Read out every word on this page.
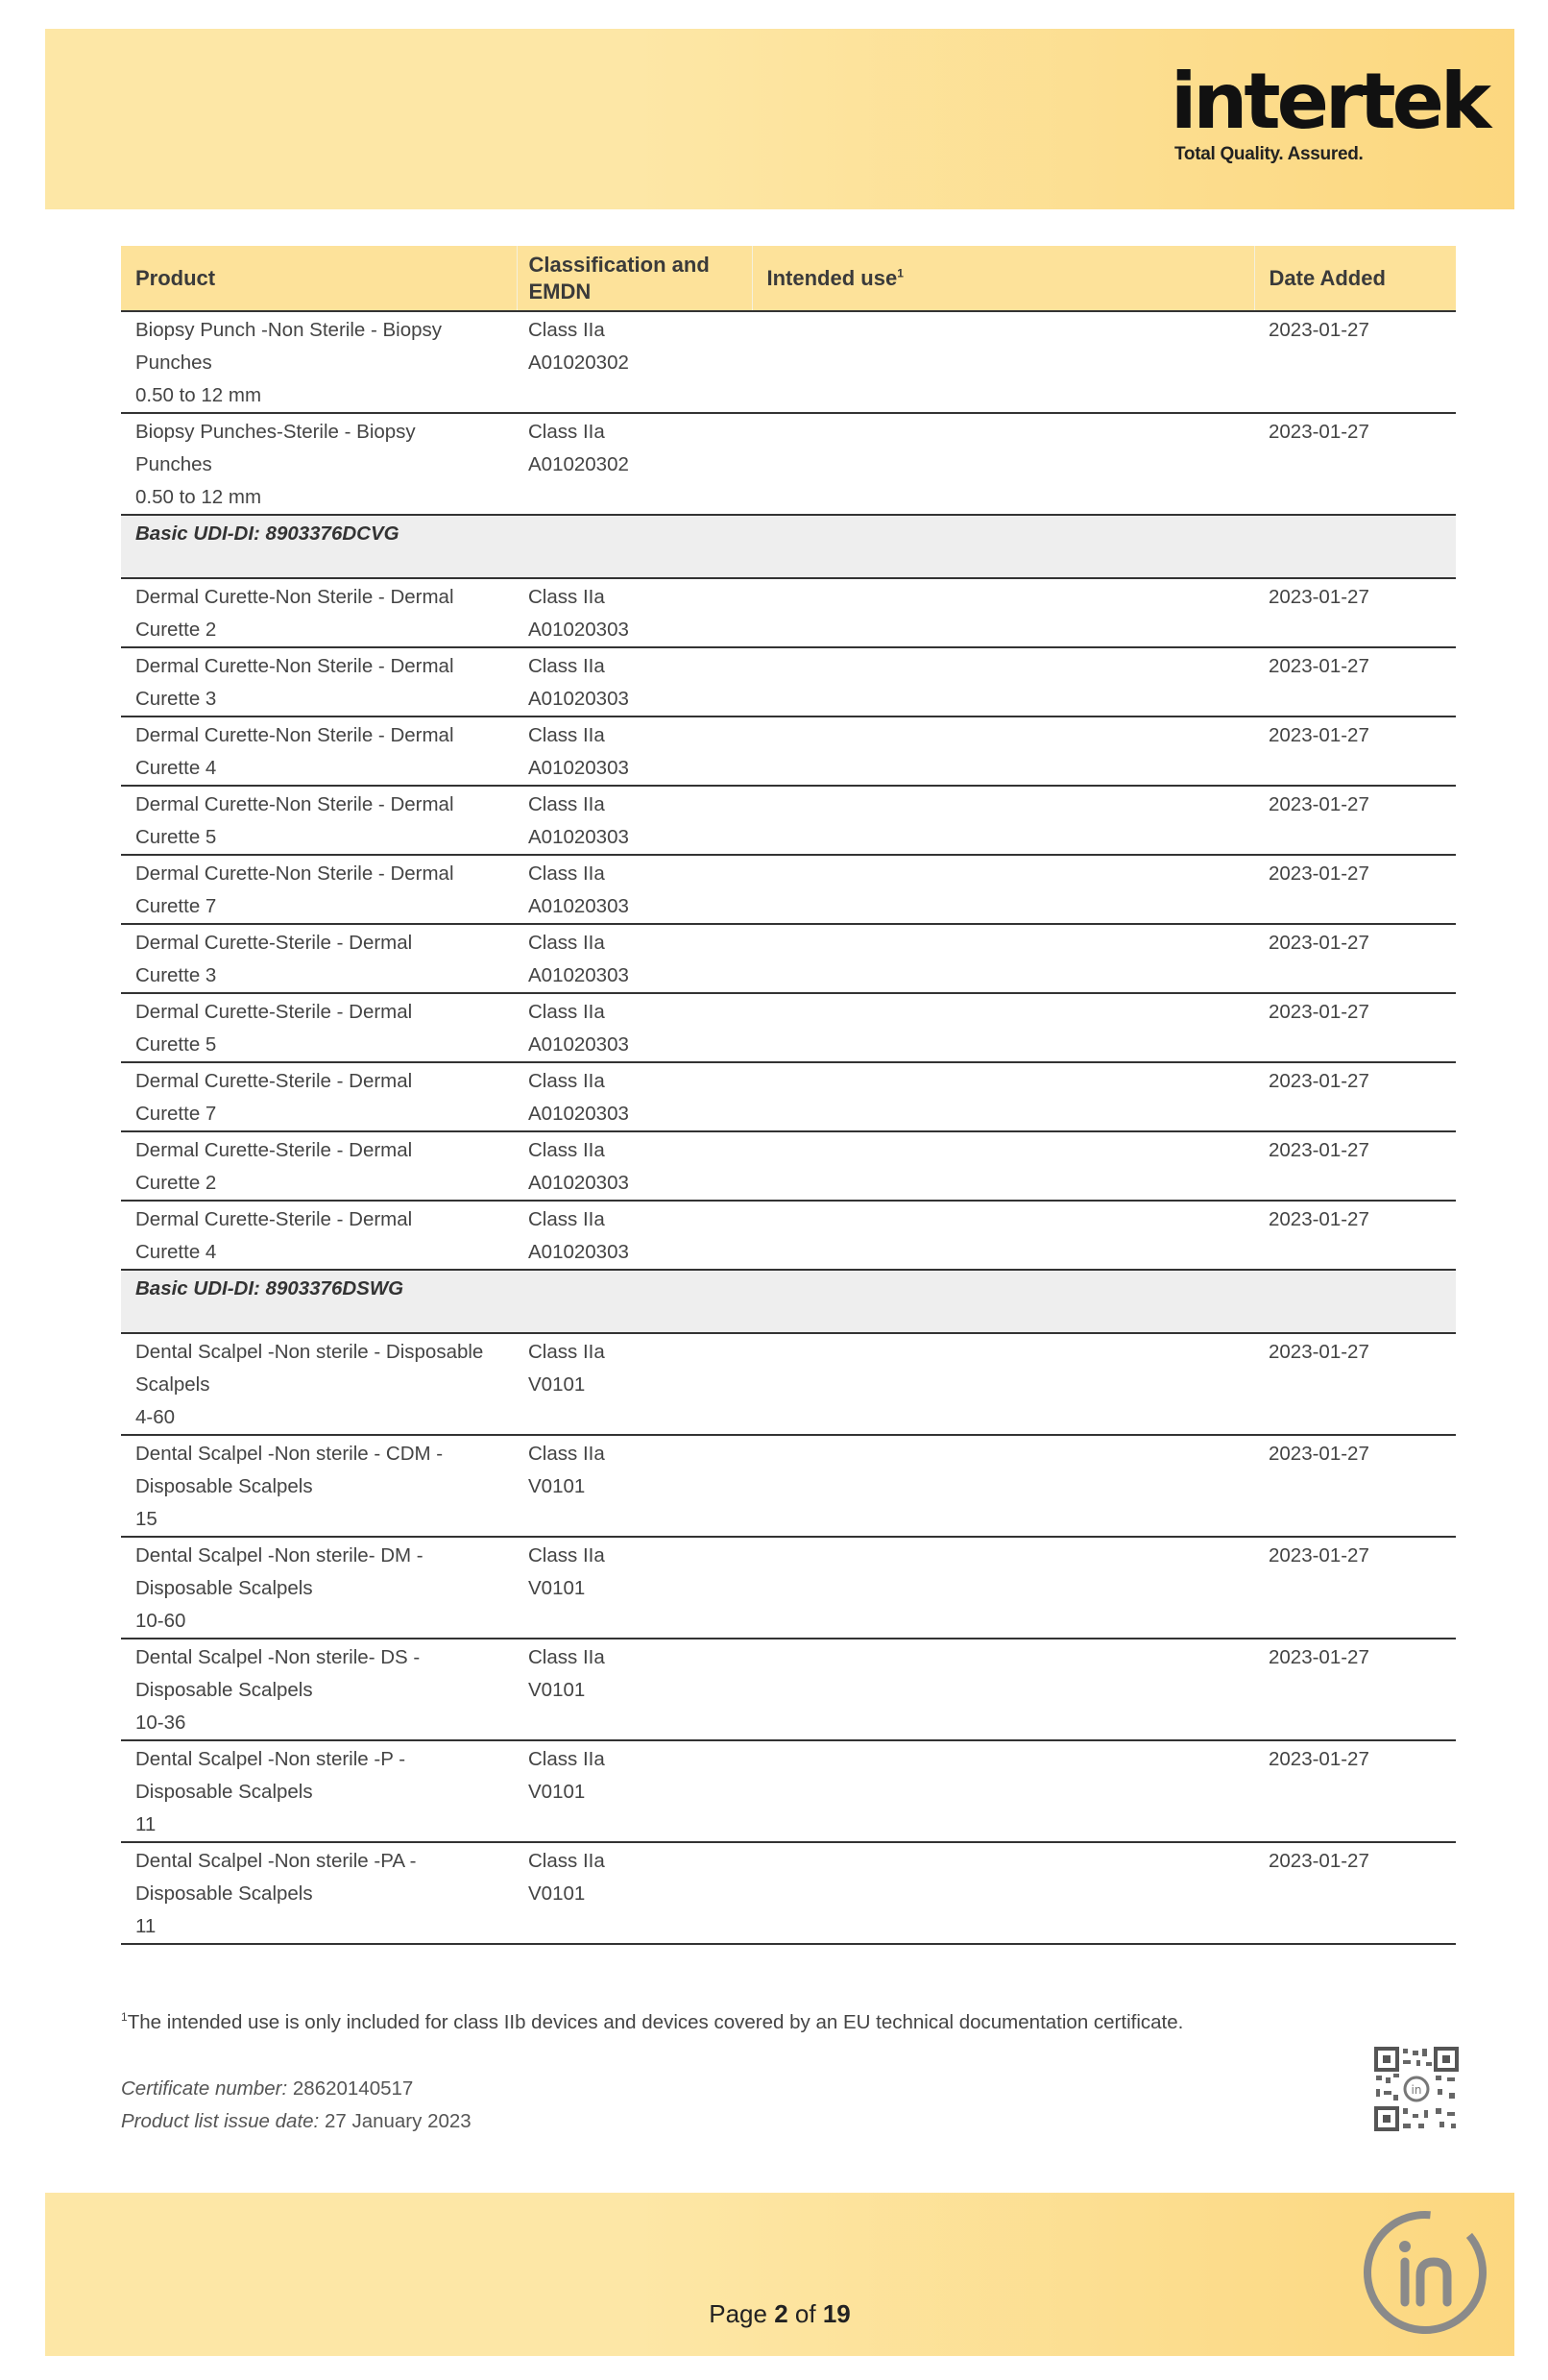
intertek
Total Quality. Assured.
Product	Classification and EMDN	Intended use$^1$	Date Added

Biopsy Punch -Non Sterile - Biopsy
Punches
0.50 to 12 mm	Class IIa
A01020302		2023-01-27

Biopsy Punches-Sterile - Biopsy
Punches
0.50 to 12 mm	Class IIa
A01020302		2023-01-27
Basic UDI-DI: 8903376DCVG			

Dermal Curette-Non Sterile - Dermal
Curette 2	Class IIa
A01020303		2023-01-27

Dermal Curette-Non Sterile - Dermal
Curette 3	Class IIa
A01020303		2023-01-27

Dermal Curette-Non Sterile - Dermal
Curette 4	Class IIa
A01020303		2023-01-27

Dermal Curette-Non Sterile - Dermal
Curette 5	Class IIa
A01020303		2023-01-27

Dermal Curette-Non Sterile - Dermal
Curette 7	Class IIa
A01020303		2023-01-27

Dermal Curette-Sterile - Dermal
Curette 3	Class IIa
A01020303		2023-01-27

Dermal Curette-Sterile - Dermal
Curette 5	Class IIa
A01020303		2023-01-27

Dermal Curette-Sterile - Dermal
Curette 7	Class IIa
A01020303		2023-01-27

Dermal Curette-Sterile - Dermal
Curette 2	Class IIa
A01020303		2023-01-27

Dermal Curette-Sterile - Dermal
Curette 4	Class IIa
A01020303		2023-01-27
Basic UDI-DI: 8903376DSWG			

Dental Scalpel -Non sterile - Disposable
Scalpels
4-60	Class IIa
V0101		2023-01-27

Dental Scalpel -Non sterile - CDM -
Disposable Scalpels
15	Class IIa
V0101		2023-01-27

Dental Scalpel -Non sterile- DM -
Disposable Scalpels
10-60	Class IIa
V0101		2023-01-27

Dental Scalpel -Non sterile- DS -
Disposable Scalpels
10-36	Class IIa
V0101		2023-01-27

Dental Scalpel -Non sterile -P -
Disposable Scalpels
11	Class IIa
V0101		2023-01-27

Dental Scalpel -Non sterile -PA -
Disposable Scalpels
11	Class IIa
V0101		2023-01-27
$^1$The intended use is only included for class IIb devices and devices covered by an EU technical documentation certificate.
Certificate number: 28620140517
Product list issue date: 27 January 2023
in
Page 2 of 19
